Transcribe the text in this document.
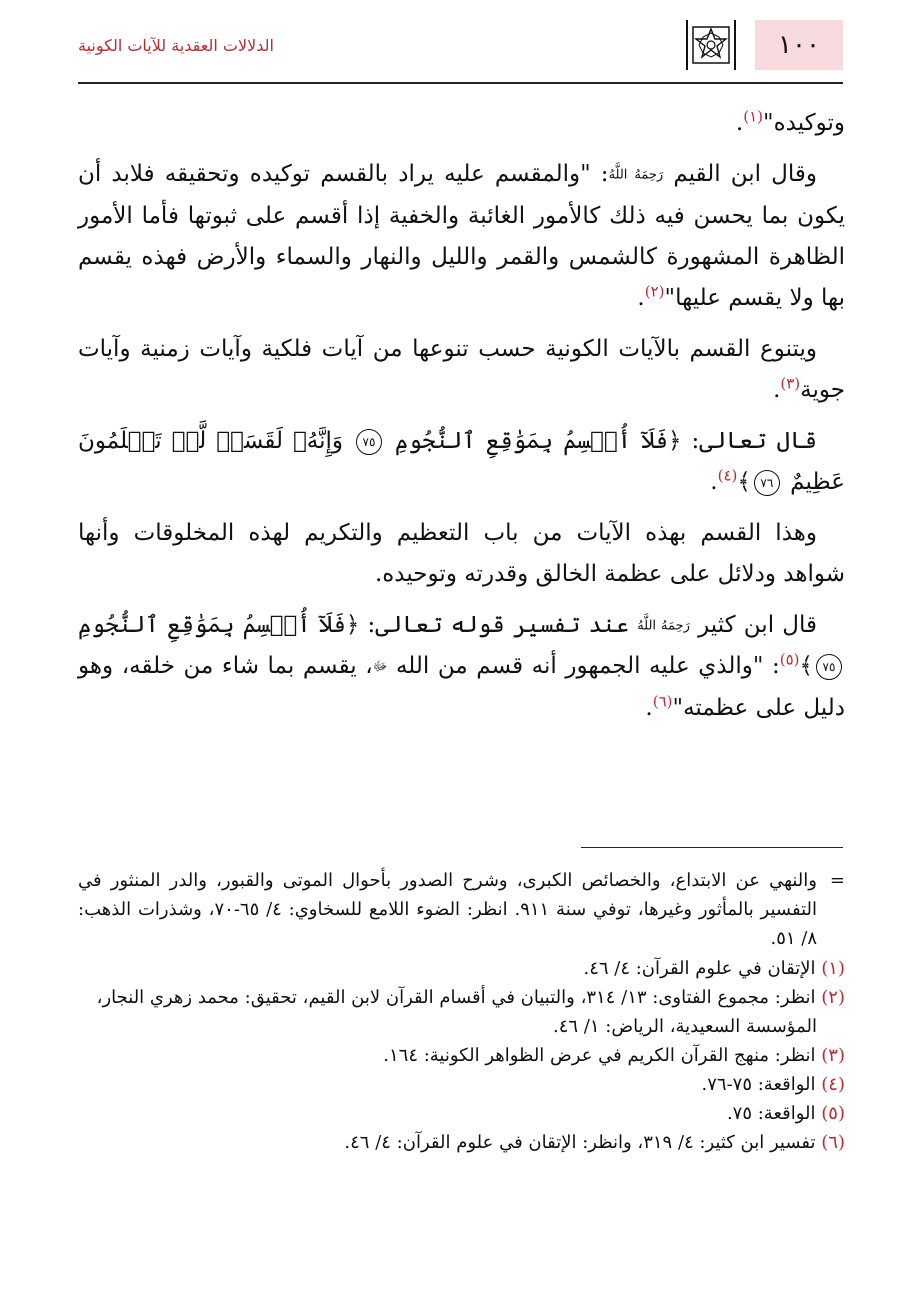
١٠٠
الدلالات العقدية للآيات الكونية

وتوكيده"$^{(١)}$.

وقال ابن القيم رَحِمَهُ اللَّهُ: "والمقسم عليه يراد بالقسم توكيده وتحقيقه فلابد أن يكون بما يحسن فيه ذلك كالأمور الغائبة والخفية إذا أقسم على ثبوتها فأما الأمور الظاهرة المشهورة كالشمس والقمر والليل والنهار والسماء والأرض فهذه يقسم بها ولا يقسم عليها"$^{(٢)}$.

ويتنوع القسم بالآيات الكونية حسب تنوعها من آيات فلكية وآيات زمنية وآيات جوية$^{(٣)}$.

قال تعالى: ﴿فَلَآ أُقۡسِمُ بِمَوَٰقِعِ ٱلنُّجُومِ ٧٥ وَإِنَّهُۥ لَقَسَمٞ لَّوۡ تَعۡلَمُونَ عَظِيمٌ ٧٦﴾$^{(٤)}$.

وهذا القسم بهذه الآيات من باب التعظيم والتكريم لهذه المخلوقات وأنها شواهد ودلائل على عظمة الخالق وقدرته وتوحيده.

قال ابن كثير رَحِمَهُ اللَّهُ عند تفسير قوله تعالى: ﴿فَلَآ أُقۡسِمُ بِمَوَٰقِعِ ٱلنُّجُومِ ٧٥﴾$^{(٥)}$: "والذي عليه الجمهور أنه قسم من الله ﷻ، يقسم بما شاء من خلقه، وهو دليل على عظمته"$^{(٦)}$.

=
والنهي عن الابتداع، والخصائص الكبرى، وشرح الصدور بأحوال الموتى والقبور، والدر المنثور في التفسير بالمأثور وغيرها، توفي سنة ٩١١. انظر: الضوء اللامع للسخاوي: ٤/ ٦٥-٧٠، وشذرات الذهب: ٨/ ٥١.

(١) الإتقان في علوم القرآن: ٤/ ٤٦.

(٢) انظر: مجموع الفتاوى: ١٣/ ٣١٤، والتبيان في أقسام القرآن لابن القيم، تحقيق: محمد زهري النجار، المؤسسة السعيدية، الرياض: ١/ ٤٦.

(٣) انظر: منهج القرآن الكريم في عرض الظواهر الكونية: ١٦٤.

(٤) الواقعة: ٧٥-٧٦.

(٥) الواقعة: ٧٥.

(٦) تفسير ابن كثير: ٤/ ٣١٩، وانظر: الإتقان في علوم القرآن: ٤/ ٤٦.
